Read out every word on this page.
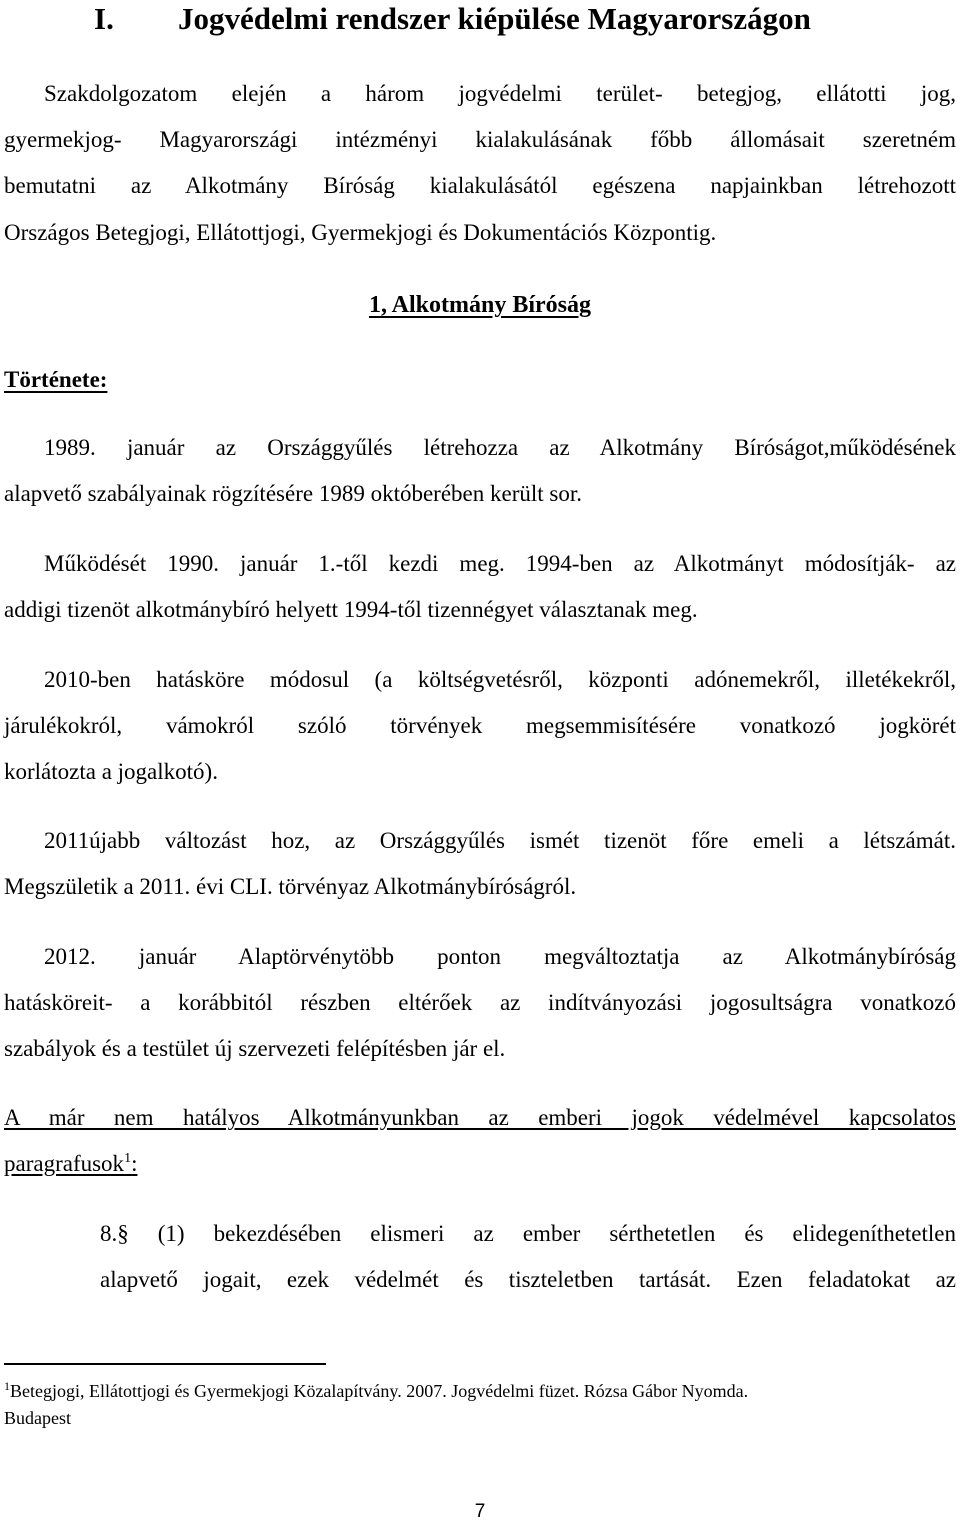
I. Jogvédelmi rendszer kiépülése Magyarországon
Szakdolgozatom elején a három jogvédelmi terület- betegjog, ellátotti jog,
gyermekjog- Magyarországi intézményi kialakulásának főbb állomásait szeretném
bemutatni az Alkotmány Bíróság kialakulásától egészena napjainkban létrehozott
Országos Betegjogi, Ellátottjogi, Gyermekjogi és Dokumentációs Központig.
1, Alkotmány Bíróság
Története:
1989. január az Országgyűlés létrehozza az Alkotmány Bíróságot,működésének
alapvető szabályainak rögzítésére 1989 októberében került sor.
Működését 1990. január 1.-től kezdi meg. 1994-ben az Alkotmányt módosítják- az
addigi tizenöt alkotmánybíró helyett 1994-től tizennégyet választanak meg.
2010-ben hatásköre módosul (a költségvetésről, központi adónemekről, illetékekről,
járulékokról, vámokról szóló törvények megsemmisítésére vonatkozó jogkörét
korlátozta a jogalkotó).
2011újabb változást hoz, az Országgyűlés ismét tizenöt főre emeli a létszámát.
Megszületik a 2011. évi CLI. törvényaz Alkotmánybíróságról.
2012. január Alaptörvénytöbb ponton megváltoztatja az Alkotmánybíróság
hatásköreit- a korábbitól részben eltérőek az indítványozási jogosultságra vonatkozó
szabályok és a testület új szervezeti felépítésben jár el.
A már nem hatályos Alkotmányunkban az emberi jogok védelmével kapcsolatos
paragrafusok$^1$:
8.§ (1) bekezdésében elismeri az ember sérthetetlen és elidegeníthetetlen
alapvető jogait, ezek védelmét és tiszteletben tartását. Ezen feladatokat az
$^1$Betegjogi, Ellátottjogi és Gyermekjogi Közalapítvány. 2007. Jogvédelmi füzet. Rózsa Gábor Nyomda.
Budapest
7
